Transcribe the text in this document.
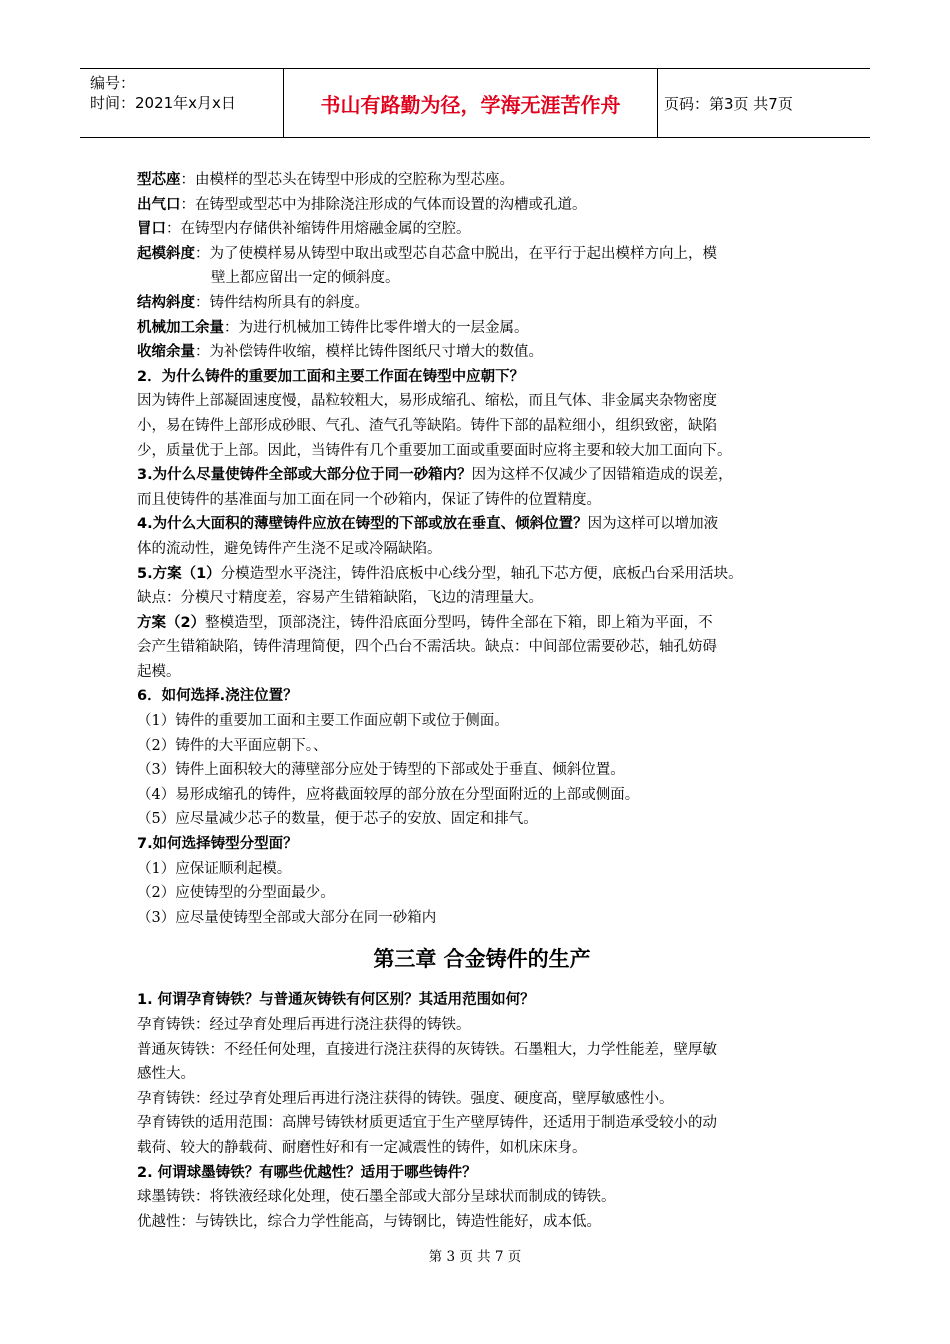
编号：
时间：2021年x月x日	书山有路勤为径，学海无涯苦作舟	页码：第3页 共7页
型芯座：由模样的型芯头在铸型中形成的空腔称为型芯座。
出气口：在铸型或型芯中为排除浇注形成的气体而设置的沟槽或孔道。
冒口：在铸型内存储供补缩铸件用熔融金属的空腔。
起模斜度：为了使模样易从铸型中取出或型芯自芯盒中脱出，在平行于起出模样方向上，模
壁上都应留出一定的倾斜度。
结构斜度：铸件结构所具有的斜度。
机械加工余量：为进行机械加工铸件比零件增大的一层金属。
收缩余量：为补偿铸件收缩，模样比铸件图纸尺寸增大的数值。
2．为什么铸件的重要加工面和主要工作面在铸型中应朝下？
因为铸件上部凝固速度慢，晶粒较粗大，易形成缩孔、缩松，而且气体、非金属夹杂物密度
小，易在铸件上部形成砂眼、气孔、渣气孔等缺陷。铸件下部的晶粒细小，组织致密，缺陷
少，质量优于上部。因此，当铸件有几个重要加工面或重要面时应将主要和较大加工面向下。
3.为什么尽量使铸件全部或大部分位于同一砂箱内？因为这样不仅减少了因错箱造成的误差，
而且使铸件的基准面与加工面在同一个砂箱内，保证了铸件的位置精度。
4.为什么大面积的薄壁铸件应放在铸型的下部或放在垂直、倾斜位置？因为这样可以增加液
体的流动性，避免铸件产生浇不足或冷隔缺陷。
5.方案（1）分模造型水平浇注，铸件沿底板中心线分型，轴孔下芯方便，底板凸台采用活块。
缺点：分模尺寸精度差，容易产生错箱缺陷，飞边的清理量大。
方案（2）整模造型，顶部浇注，铸件沿底面分型吗，铸件全部在下箱，即上箱为平面，不
会产生错箱缺陷，铸件清理简便，四个凸台不需活块。缺点：中间部位需要砂芯，轴孔妨碍
起模。
6．如何选择.浇注位置？
（1）铸件的重要加工面和主要工作面应朝下或位于侧面。
（2）铸件的大平面应朝下。、
（3）铸件上面积较大的薄壁部分应处于铸型的下部或处于垂直、倾斜位置。
（4）易形成缩孔的铸件，应将截面较厚的部分放在分型面附近的上部或侧面。
（5）应尽量减少芯子的数量，便于芯子的安放、固定和排气。
7.如何选择铸型分型面？
（1）应保证顺利起模。
（2）应使铸型的分型面最少。
（3）应尽量使铸型全部或大部分在同一砂箱内
第三章 合金铸件的生产
1. 何谓孕育铸铁？与普通灰铸铁有何区别？其适用范围如何？
孕育铸铁：经过孕育处理后再进行浇注获得的铸铁。
普通灰铸铁：不经任何处理，直接进行浇注获得的灰铸铁。石墨粗大，力学性能差，壁厚敏
感性大。
孕育铸铁：经过孕育处理后再进行浇注获得的铸铁。强度、硬度高，壁厚敏感性小。
孕育铸铁的适用范围：高牌号铸铁材质更适宜于生产壁厚铸件，还适用于制造承受较小的动
载荷、较大的静载荷、耐磨性好和有一定减震性的铸件，如机床床身。
2. 何谓球墨铸铁？有哪些优越性？适用于哪些铸件？
球墨铸铁：将铁液经球化处理，使石墨全部或大部分呈球状而制成的铸铁。
优越性：与铸铁比，综合力学性能高，与铸钢比，铸造性能好，成本低。
第 3 页 共 7 页
